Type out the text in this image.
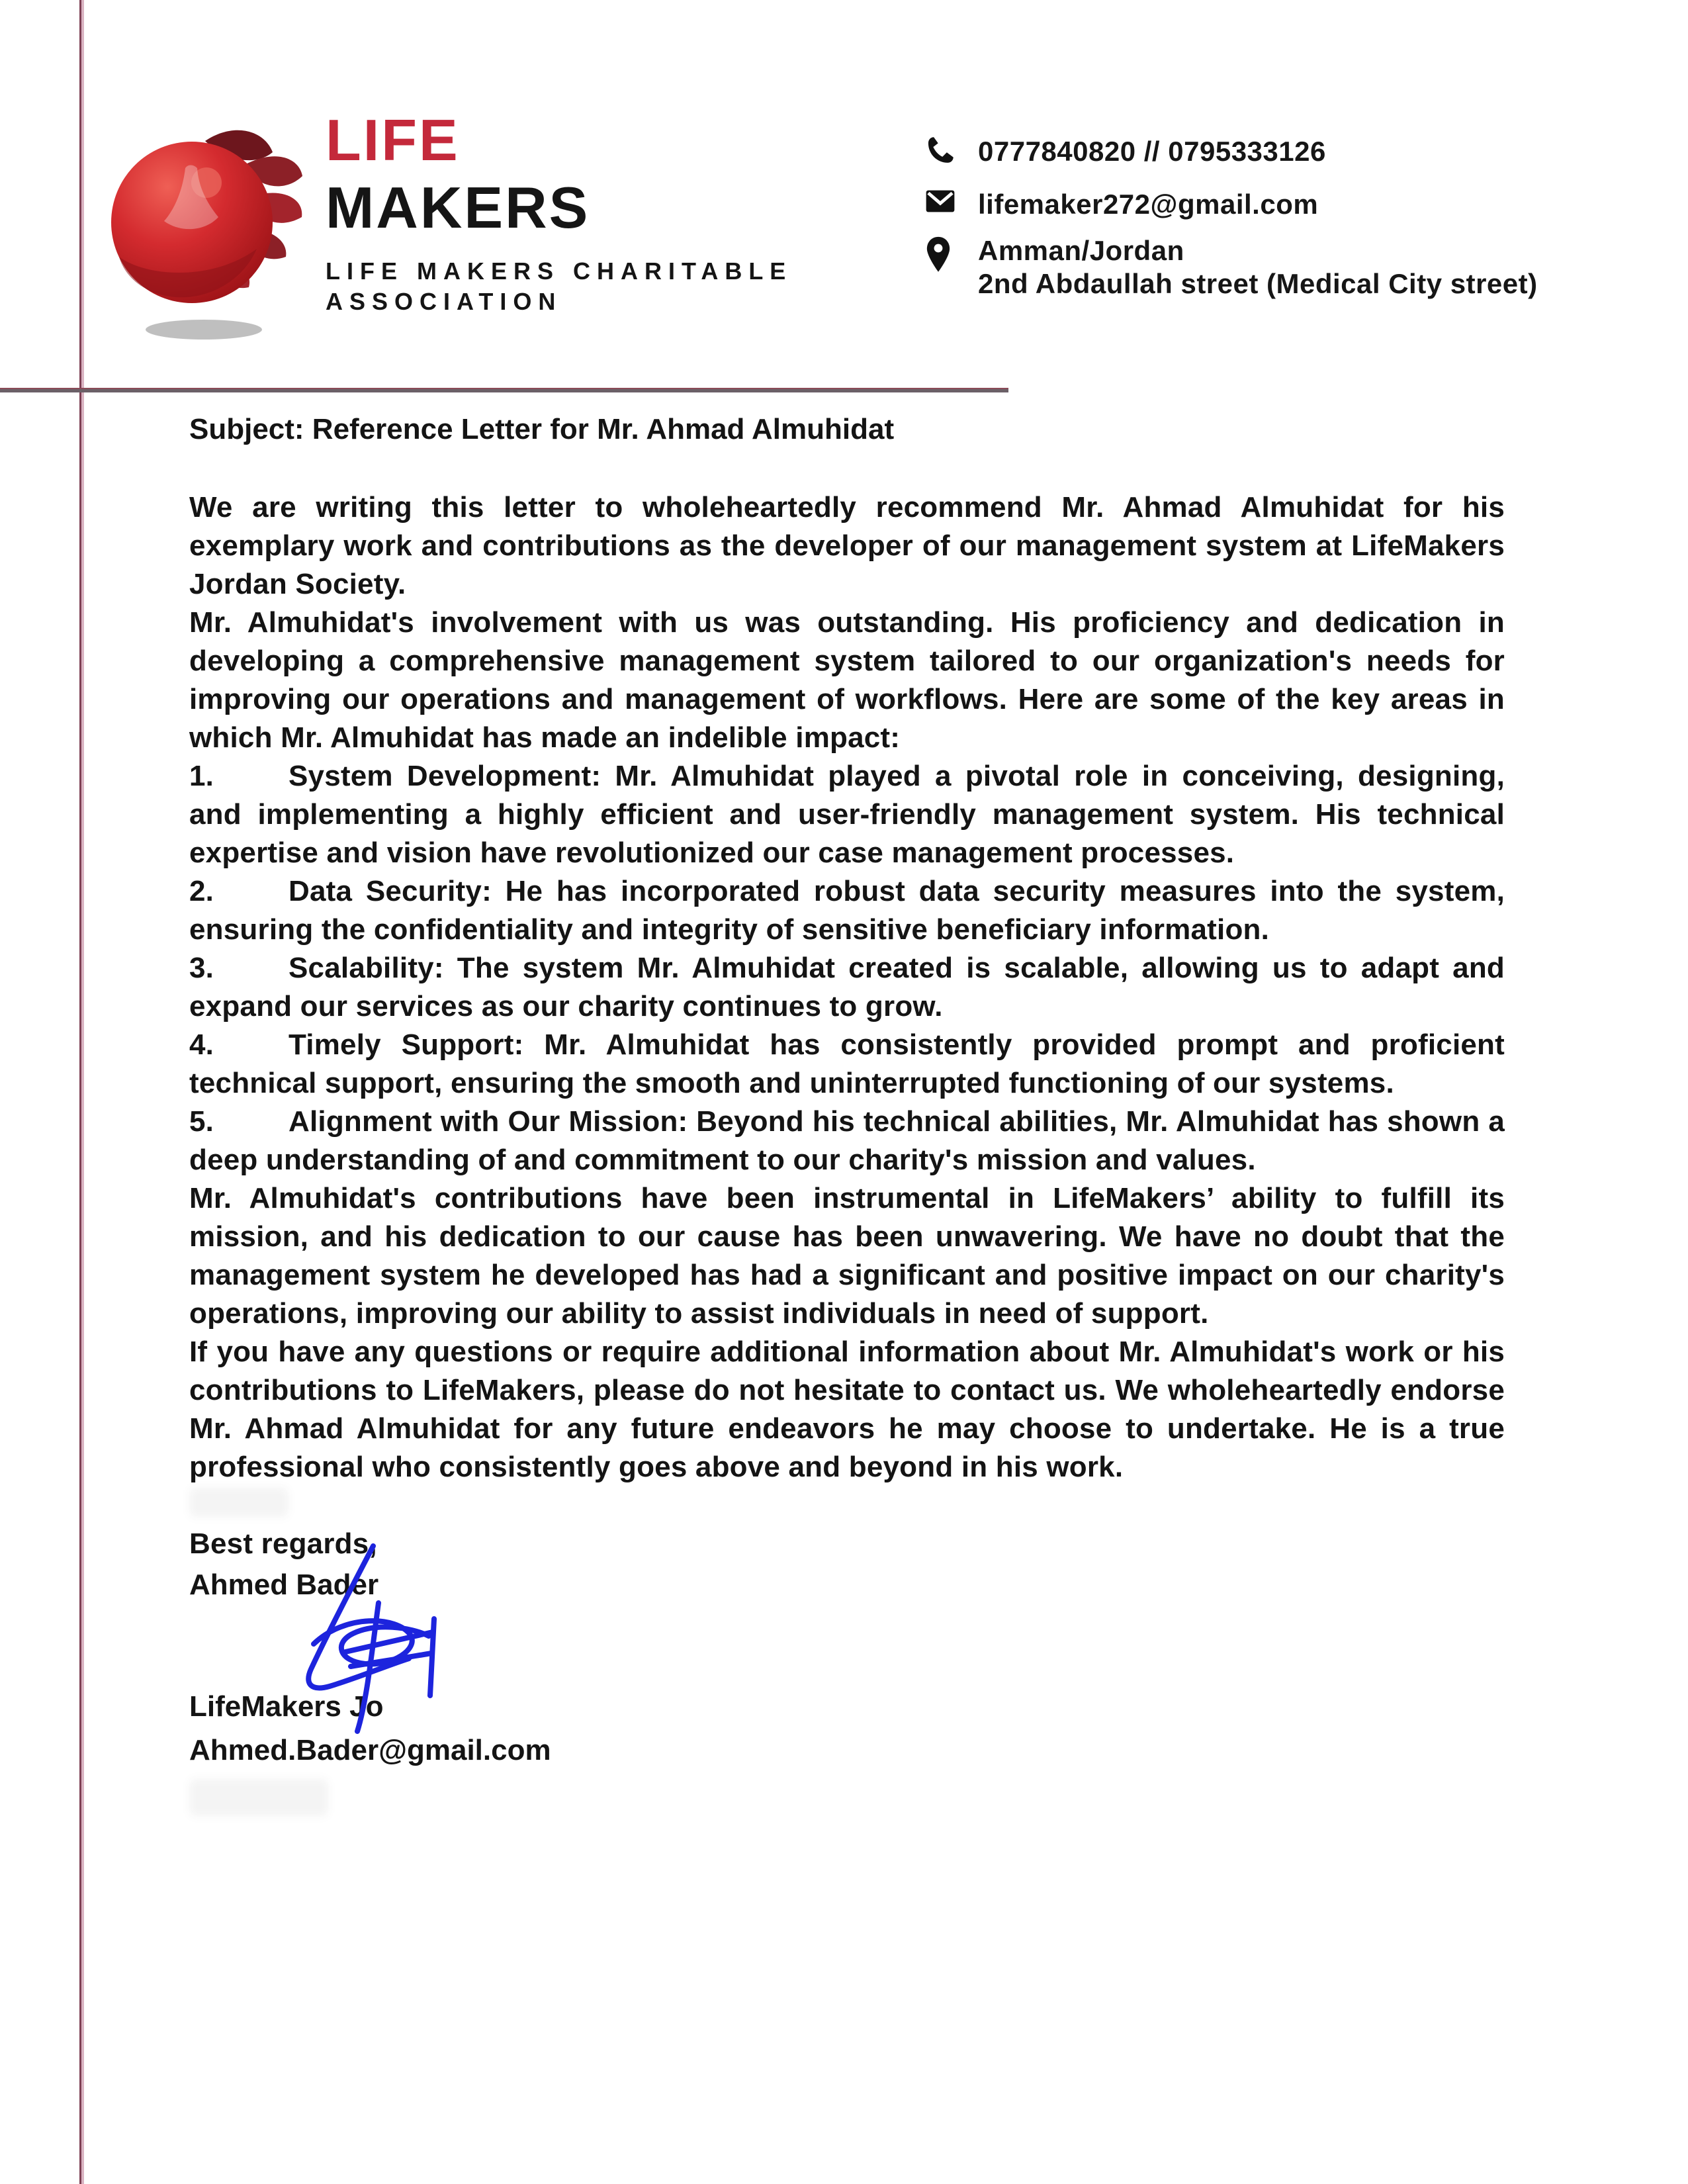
LIFE
MAKERS
LIFE MAKERS CHARITABLE
ASSOCIATION
0777840820 // 0795333126
lifemaker272@gmail.com
Amman/Jordan
2nd Abdaullah street (Medical City street)

Subject: Reference Letter for Mr. Ahmad Almuhidat

We are writing this letter to wholeheartedly recommend Mr. Ahmad Almuhidat for his exemplary work and contributions as the developer of our management system at LifeMakers Jordan Society.

Mr. Almuhidat's involvement with us was outstanding. His proficiency and dedication in developing a comprehensive management system tailored to our organization's needs for improving our operations and management of workflows. Here are some of the key areas in which Mr. Almuhidat has made an indelible impact:

1.	System Development: Mr. Almuhidat played a pivotal role in conceiving, designing, and implementing a highly efficient and user-friendly management system. His technical expertise and vision have revolutionized our case management processes.

2.	Data Security: He has incorporated robust data security measures into the system, ensuring the confidentiality and integrity of sensitive beneficiary information.

3.	Scalability: The system Mr. Almuhidat created is scalable, allowing us to adapt and expand our services as our charity continues to grow.

4.	Timely Support: Mr. Almuhidat has consistently provided prompt and proficient technical support, ensuring the smooth and uninterrupted functioning of our systems.

5.	Alignment with Our Mission: Beyond his technical abilities, Mr. Almuhidat has shown a deep understanding of and commitment to our charity's mission and values.

Mr. Almuhidat's contributions have been instrumental in LifeMakers’ ability to fulfill its mission, and his dedication to our cause has been unwavering. We have no doubt that the management system he developed has had a significant and positive impact on our charity's operations, improving our ability to assist individuals in need of support.

If you have any questions or require additional information about Mr. Almuhidat's work or his contributions to LifeMakers, please do not hesitate to contact us. We wholeheartedly endorse Mr. Ahmad Almuhidat for any future endeavors he may choose to undertake. He is a true professional who consistently goes above and beyond in his work.

Best regards,

Ahmed Bader

LifeMakers Jo

Ahmed.Bader@gmail.com
